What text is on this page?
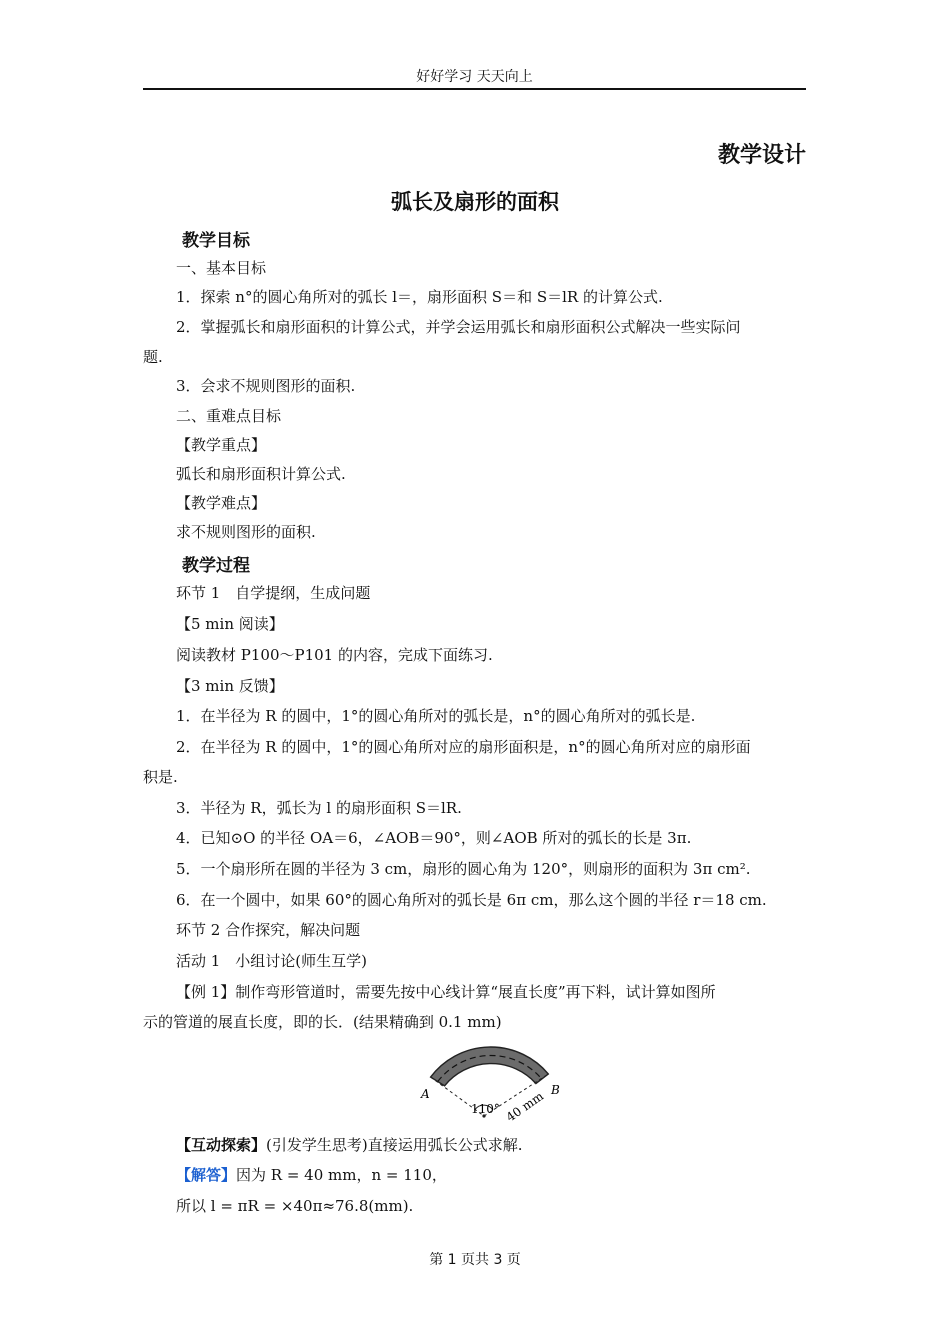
好好学习 天天向上
教学设计
弧长及扇形的面积
教学目标
一、基本目标
1．探索 n°的圆心角所对的弧长 l＝，扇形面积 S＝和 S＝lR 的计算公式.
2．掌握弧长和扇形面积的计算公式，并学会运用弧长和扇形面积公式解决一些实际问
题.
3．会求不规则图形的面积.
二、重难点目标
【教学重点】
弧长和扇形面积计算公式.
【教学难点】
求不规则图形的面积.
教学过程
环节 1　自学提纲，生成问题
【5 min 阅读】
阅读教材 P100～P101 的内容，完成下面练习.
【3 min 反馈】
1．在半径为 R 的圆中，1°的圆心角所对的弧长是，n°的圆心角所对的弧长是.
2．在半径为 R 的圆中，1°的圆心角所对应的扇形面积是，n°的圆心角所对应的扇形面
积是.
3．半径为 R，弧长为 l 的扇形面积 S＝lR.
4．已知⊙O 的半径 OA＝6，∠AOB＝90°，则∠AOB 所对的弧长的长是 3π.
5．一个扇形所在圆的半径为 3 cm，扇形的圆心角为 120°，则扇形的面积为 3π cm².
6．在一个圆中，如果 60°的圆心角所对的弧长是 6π cm，那么这个圆的半径 r＝18 cm.
环节 2 合作探究，解决问题
活动 1　小组讨论(师生互学)
【例 1】制作弯形管道时，需要先按中心线计算“展直长度”再下料，试计算如图所
示的管道的展直长度，即的长．(结果精确到 0.1 mm)
A	B
110° 40 mm
【互动探索】(引发学生思考)直接运用弧长公式求解.
【解答】因为 R = 40 mm，n = 110，
所以 l = πR = ×40π≈76.8(mm).
第 1 页共 3 页
